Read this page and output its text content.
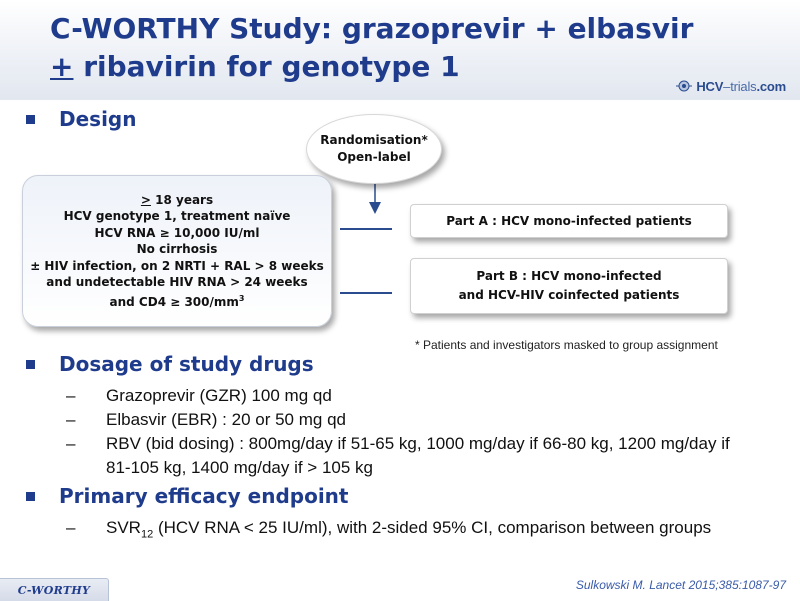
C-WORTHY Study: grazoprevir + elbasvir
+ ribavirin for genotype 1
HCV–trials.com
Design
Randomisation*
Open-label
> 18 years
HCV genotype 1, treatment naïve
HCV RNA ≥ 10,000 IU/ml
No cirrhosis
± HIV infection, on 2 NRTI + RAL > 8 weeks
and undetectable HIV RNA > 24 weeks
and $CD4 \ge 300/mm^3$
Part A : HCV mono-infected patients
Part B : HCV mono-infected
and HCV-HIV coinfected patients
* Patients and investigators masked to group assignment
Dosage of study drugs
–	Grazoprevir (GZR) 100 mg qd
–	Elbasvir (EBR) : 20 or 50 mg qd
–	RBV (bid dosing) : 800mg/day if 51-65 kg, 1000 mg/day if 66-80 kg, 1200 mg/day if 81-105 kg, 1400 mg/day if > 105 kg
Primary efficacy endpoint
–	$SVR_{12}$ (HCV RNA < 25 IU/ml), with 2-sided 95% CI, comparison between groups
C-WORTHY	Sulkowski M. Lancet 2015;385:1087-97
